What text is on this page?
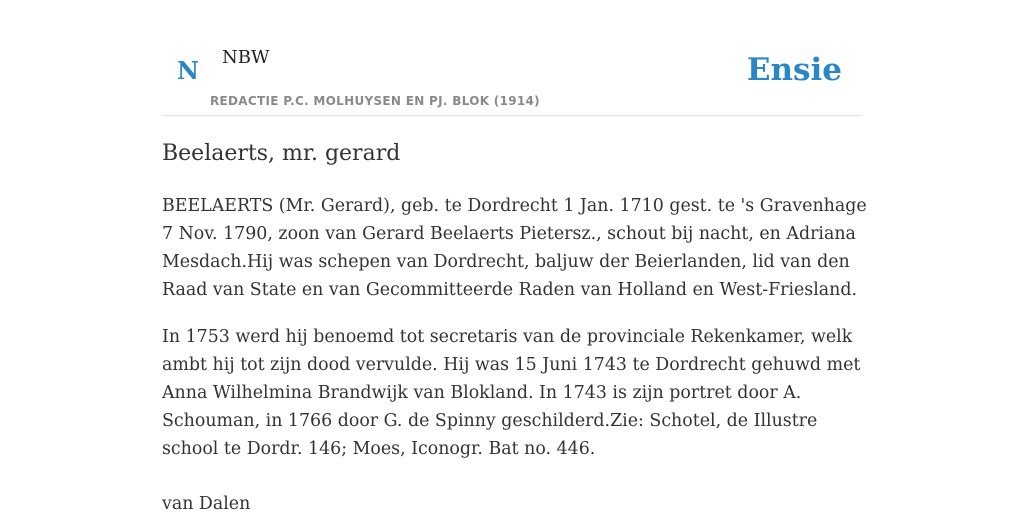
N NBW
REDACTIE P.C. MOLHUYSEN EN PJ. BLOK (1914)
Ensie
Beelaerts, mr. gerard

BEELAERTS (Mr. Gerard), geb. te Dordrecht 1 Jan. 1710 gest. te 's Gravenhage 7 Nov. 1790, zoon van Gerard Beelaerts Pietersz., schout bij nacht, en Adriana Mesdach.Hij was schepen van Dordrecht, baljuw der Beierlanden, lid van den Raad van State en van Gecommitteerde Raden van Holland en West-Friesland.

In 1753 werd hij benoemd tot secretaris van de provinciale Rekenkamer, welk ambt hij tot zijn dood vervulde. Hij was 15 Juni 1743 te Dordrecht gehuwd met Anna Wilhelmina Brandwijk van Blokland. In 1743 is zijn portret door A. Schouman, in 1766 door G. de Spinny geschilderd.Zie: Schotel, de Illustre school te Dordr. 146; Moes, Iconogr. Bat no. 446.

van Dalen
